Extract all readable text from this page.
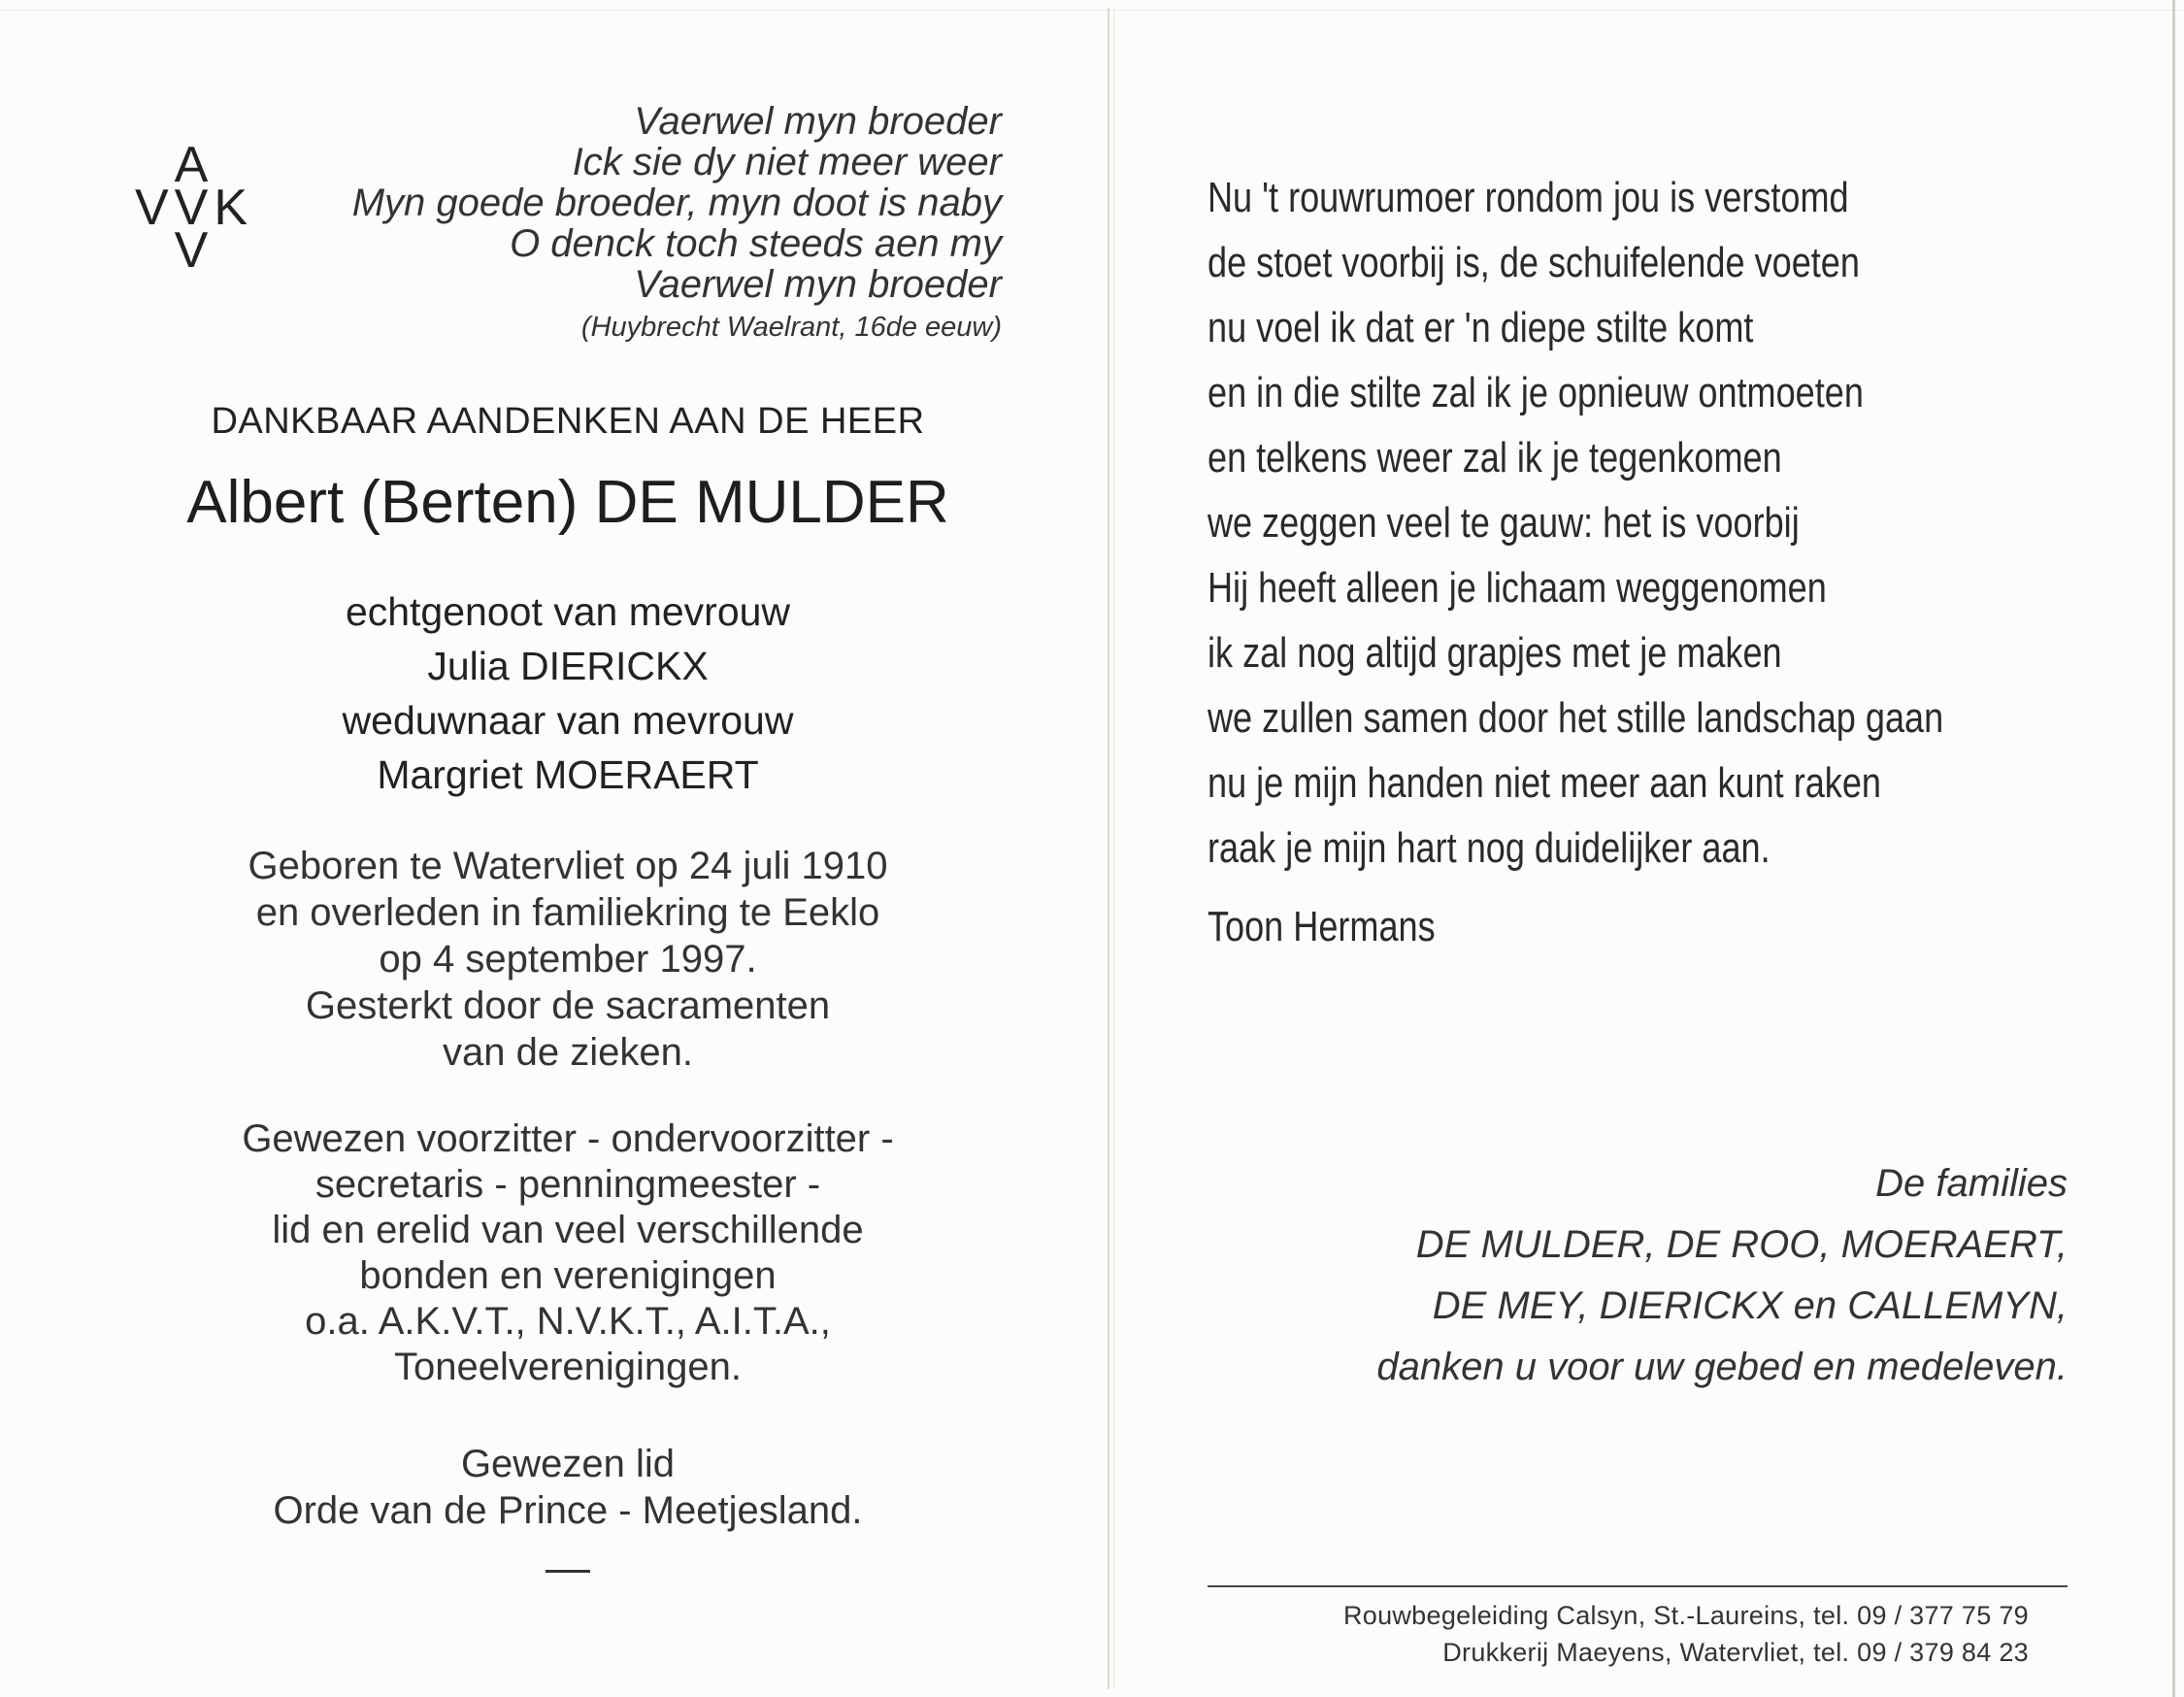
A
VVK
V
Vaerwel myn broeder
Ick sie dy niet meer weer
Myn goede broeder, myn doot is naby
O denck toch steeds aen my
Vaerwel myn broeder
(Huybrecht Waelrant, 16de eeuw)
DANKBAAR AANDENKEN AAN DE HEER
Albert (Berten) DE MULDER
echtgenoot van mevrouw
Julia DIERICKX
weduwnaar van mevrouw
Margriet MOERAERT
Geboren te Watervliet op 24 juli 1910
en overleden in familiekring te Eeklo
op 4 september 1997.
Gesterkt door de sacramenten
van de zieken.
Gewezen voorzitter - ondervoorzitter -
secretaris - penningmeester -
lid en erelid van veel verschillende
bonden en verenigingen
o.a. A.K.V.T., N.V.K.T., A.I.T.A.,
Toneelverenigingen.
Gewezen lid
Orde van de Prince - Meetjesland.
Nu 't rouwrumoer rondom jou is verstomd
de stoet voorbij is, de schuifelende voeten
nu voel ik dat er 'n diepe stilte komt
en in die stilte zal ik je opnieuw ontmoeten
en telkens weer zal ik je tegenkomen
we zeggen veel te gauw: het is voorbij
Hij heeft alleen je lichaam weggenomen
ik zal nog altijd grapjes met je maken
we zullen samen door het stille landschap gaan
nu je mijn handen niet meer aan kunt raken
raak je mijn hart nog duidelijker aan.
Toon Hermans
De families
DE MULDER, DE ROO, MOERAERT,
DE MEY, DIERICKX en CALLEMYN,
danken u voor uw gebed en medeleven.
Rouwbegeleiding Calsyn, St.-Laureins, tel. 09 / 377 75 79
Drukkerij Maeyens, Watervliet, tel. 09 / 379 84 23
